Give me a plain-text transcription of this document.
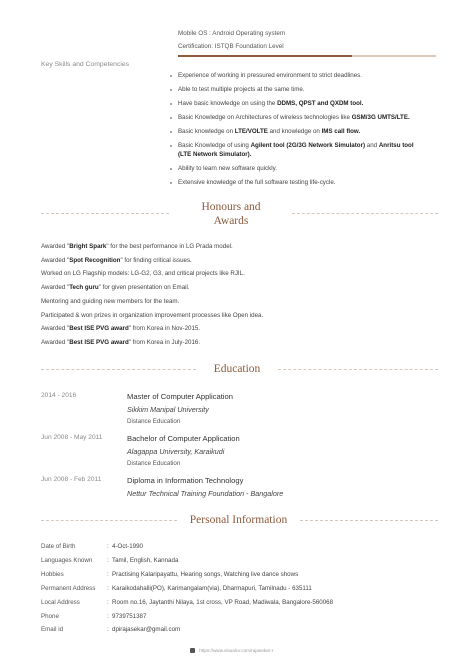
Mobile OS : Android Operating system
Certification: ISTQB Foundation Level
Key Skills and Competencies
Experience of working in pressured environment to strict deadlines.
Able to test multiple projects at the same time.
Have basic knowledge on using the DDMS, QPST and QXDM tool.
Basic Knowledge on Architectures of wireless technologies like GSM/3G UMTS/LTE.
Basic knowledge on LTE/VOLTE and knowledge on IMS call flow.
Basic Knowledge of using Agilent tool (2G/3G Network Simulator) and Anritsu tool
(LTE Network Simulator).
Ability to learn new software quickly.
Extensive knowledge of the full software testing life-cycle.
Honours and
Awards
Awarded "Bright Spark" for the best performance in LG Prada model.
Awarded "Spot Recognition" for finding critical issues.
Worked on LG Flagship models: LG-G2, G3, and critical projects like RJIL.
Awarded "Tech guru" for given presentation on Email.
Mentoring and guiding new members for the team.
Participated & won prizes in organization improvement processes like Open idea.
Awarded "Best ISE PVG award" from Korea in Nov-2015.
Awarded "Best ISE PVG award" from Korea in July-2016.
Education
2014 - 2016	Master of Computer Application
Sikkim Manipal University
Distance Education
Jun 2008 - May 2011	Bachelor of Computer Application
Alagappa University, Karaikudi
Distance Education
Jun 2008 - Feb 2011	Diploma in Information Technology
Nettur Technical Training Foundation - Bangalore
Personal Information
Date of Birth	: 4-Oct-1990
Languages Known : Tamil, English, Kannada
Hobbies	: Practising Kalaripayattu, Hearing songs, Watching live dance shows
Permanent Address : Karaikodahalli(PO), Karimangalam(via), Dharmapuri, Tamilnadu - 635111
Local Address	: Room no.16, Jaytanthi Nilaya, 1st cross, VP Road, Madiwala, Bangalore-560068
Phone	: 9739751387
Email id	: dpirajasekar@gmail.com
https://www.visualcv.com/rajasekar-r
